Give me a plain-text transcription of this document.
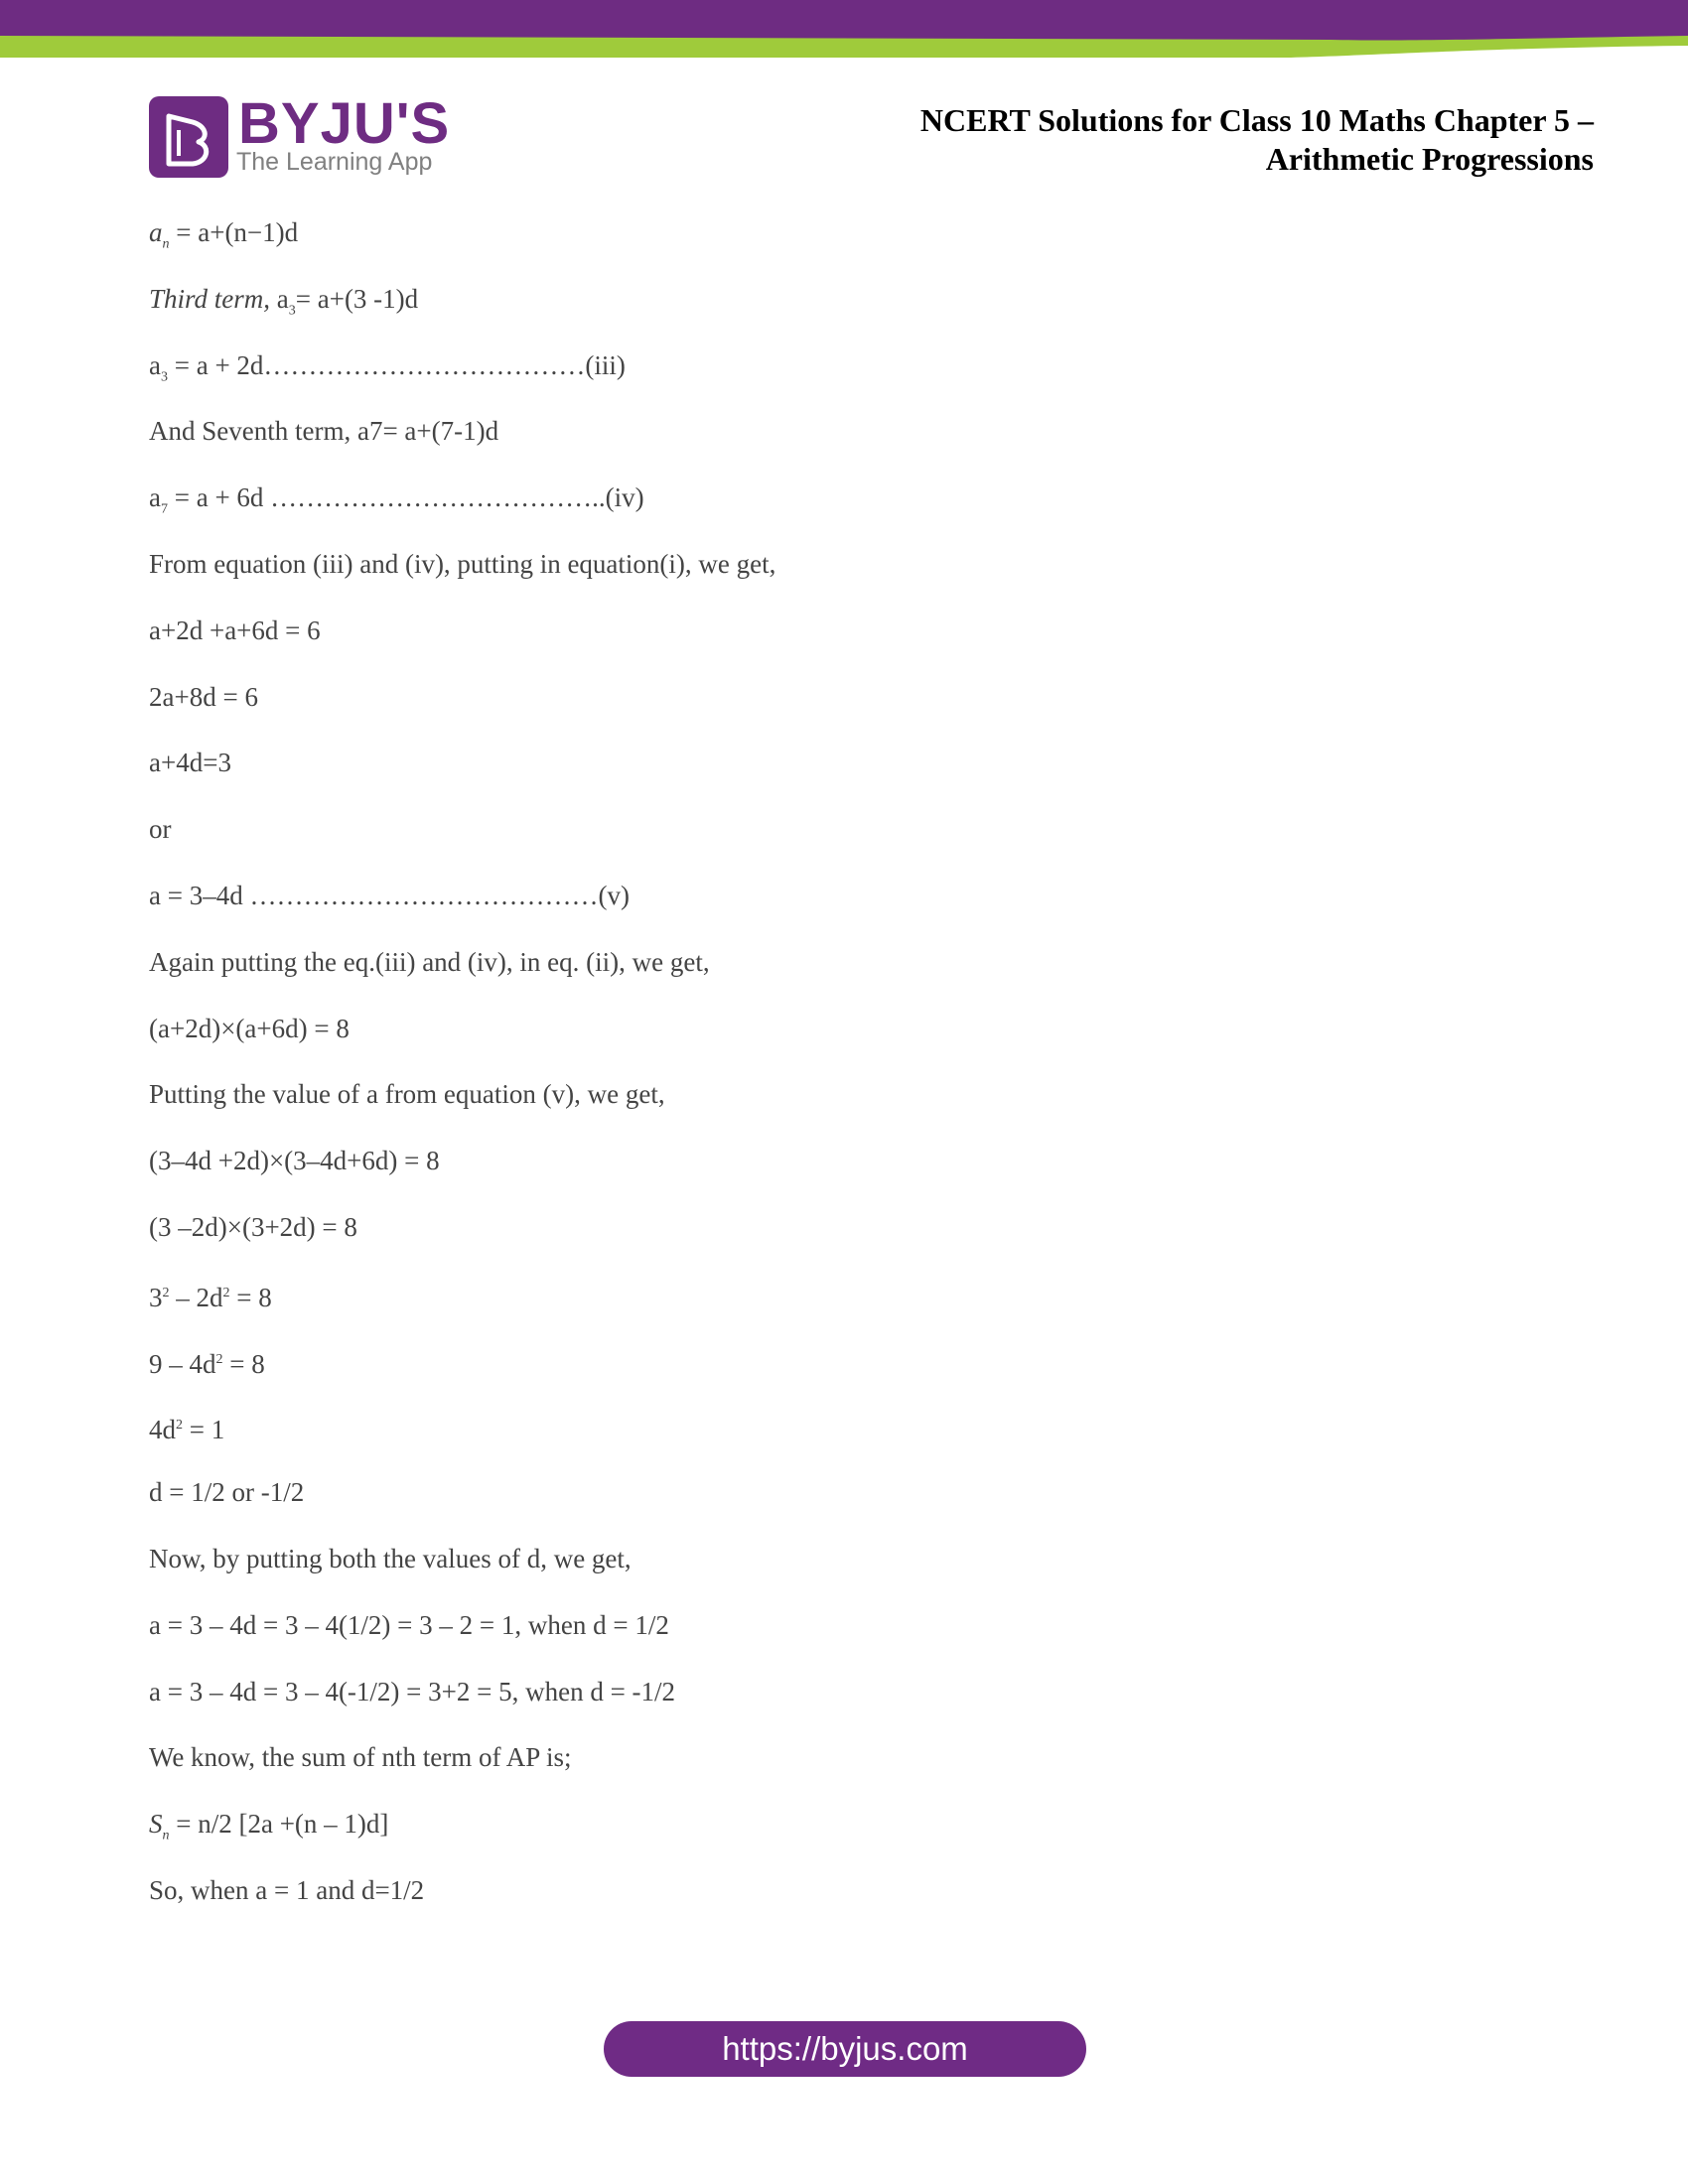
BYJU'S
The Learning App
NCERT Solutions for Class 10 Maths Chapter 5 –
Arithmetic Progressions
$a_n = a+(n-1)d$
Third term, $a_3= a+(3$ -1)d
$a_3 = a$ + 2d………………………………(iii)
And Seventh term, a7= a+(7-1)d
$a_7 = a + 6d$ ………………………………..(iv)
From equation (iii) and (iv), putting in equation(i), we get,
a+2d +a+6d = 6
2a+8d = 6
a+4d=3
or
a = 3–4d …………………………………(v)
Again putting the eq.(iii) and (iv), in eq. (ii), we get,
(a+2d)×(a+6d) = 8
Putting the value of a from equation (v), we get,
(3–4d +2d)×(3–4d+6d) = 8
(3 –2d)×(3+2d) = 8
$3^2 - 2d^2 = 8$
$9 - 4d^2 = 8$
$4d^2 = 1$
d = 1/2 or -1/2
Now, by putting both the values of d, we get,
a = 3 – 4d = 3 – 4(1/2) = 3 – 2 = 1, when d = 1/2
a = 3 – 4d = 3 – 4(-1/2) = 3+2 = 5, when d = -1/2
We know, the sum of nth term of AP is;
$S_n = n/2$ [2a +(n – 1)d]
So, when a = 1 and d=1/2
https://byjus.com
